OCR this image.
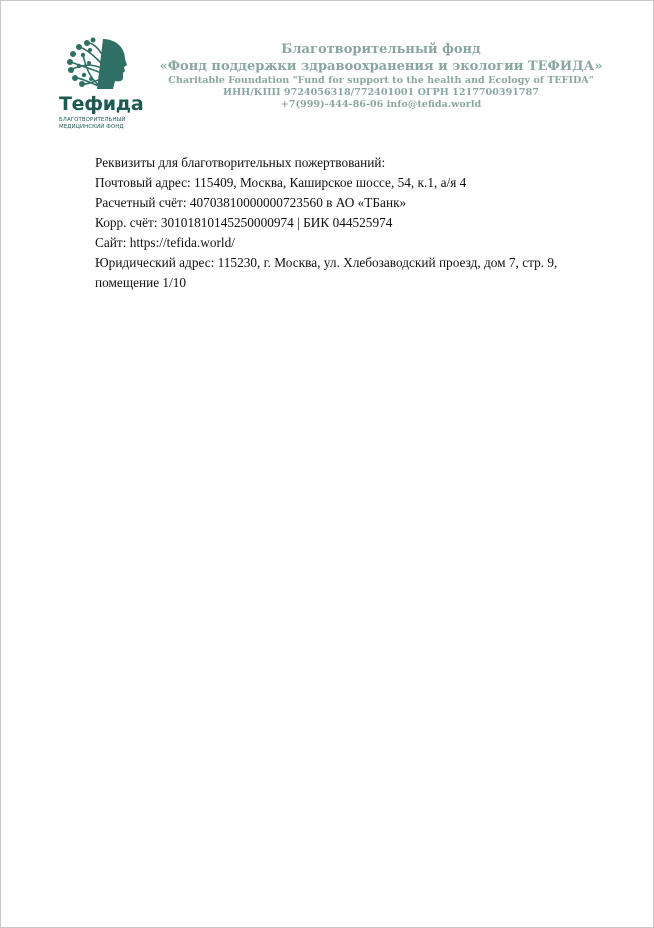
Тефида
БЛАГОТВОРИТЕЛЬНЫЙ
МЕДИЦИНСКИЙ ФОНД
Благотворительный фонд
«Фонд поддержки здравоохранения и экологии ТЕФИДА»
Charitable Foundation "Fund for support to the health and Ecology of TEFIDA"
ИНН/КПП 9724056318/772401001 ОГРН 1217700391787
+7(999)-444-86-06 info@tefida.world

Реквизиты для благотворительных пожертвований:

Почтовый адрес: 115409, Москва, Каширское шоссе, 54, к.1, а/я 4

Расчетный счёт: 40703810000000723560 в АО «ТБанк»

Корр. счёт: 30101810145250000974 | БИК 044525974

Сайт: https://tefida.world/

Юридический адрес: 115230, г. Москва, ул. Хлебозаводский проезд, дом 7, стр. 9,

помещение 1/10
